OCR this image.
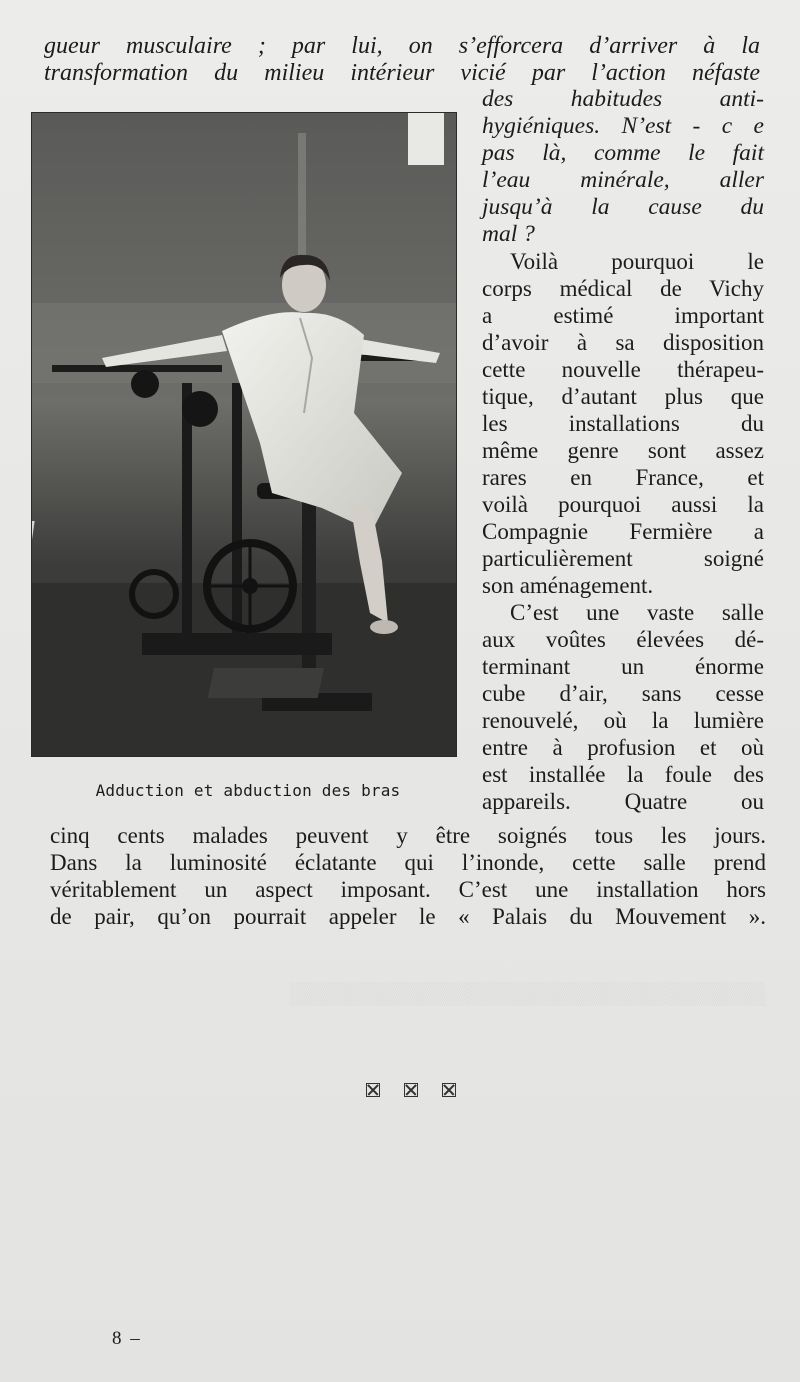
gueur musculaire ; par lui, on s’efforcera d’arriver à la
transformation du milieu intérieur vicié par l’action néfaste
Adduction et abduction des bras
des habitudes anti-
hygiéniques. N’est - c e
pas là, comme le fait
l’eau minérale, aller
jusqu’à la cause du
mal ?
Voilà pourquoi le
corps médical de Vichy
a estimé important
d’avoir à sa disposition
cette nouvelle thérapeu-
tique, d’autant plus que
les installations du
même genre sont assez
rares en France, et
voilà pourquoi aussi la
Compagnie Fermière a
particulièrement soigné
son aménagement.
C’est une vaste salle
aux voûtes élevées dé-
terminant un énorme
cube d’air, sans cesse
renouvelé, où la lumière
entre à profusion et où
est installée la foule des
appareils. Quatre ou
cinq cents malades peuvent y être soignés tous les jours.
Dans la luminosité éclatante qui l’inonde, cette salle prend
véritablement un aspect imposant. C’est une installation hors
de pair, qu’on pourrait appeler le « Palais du Mouvement ».
▒▒▒▒▒▒▒▒▒▒▒▒▒▒▒▒▒▒▒▒▒▒▒▒▒▒▒▒▒▒▒▒
8 –
